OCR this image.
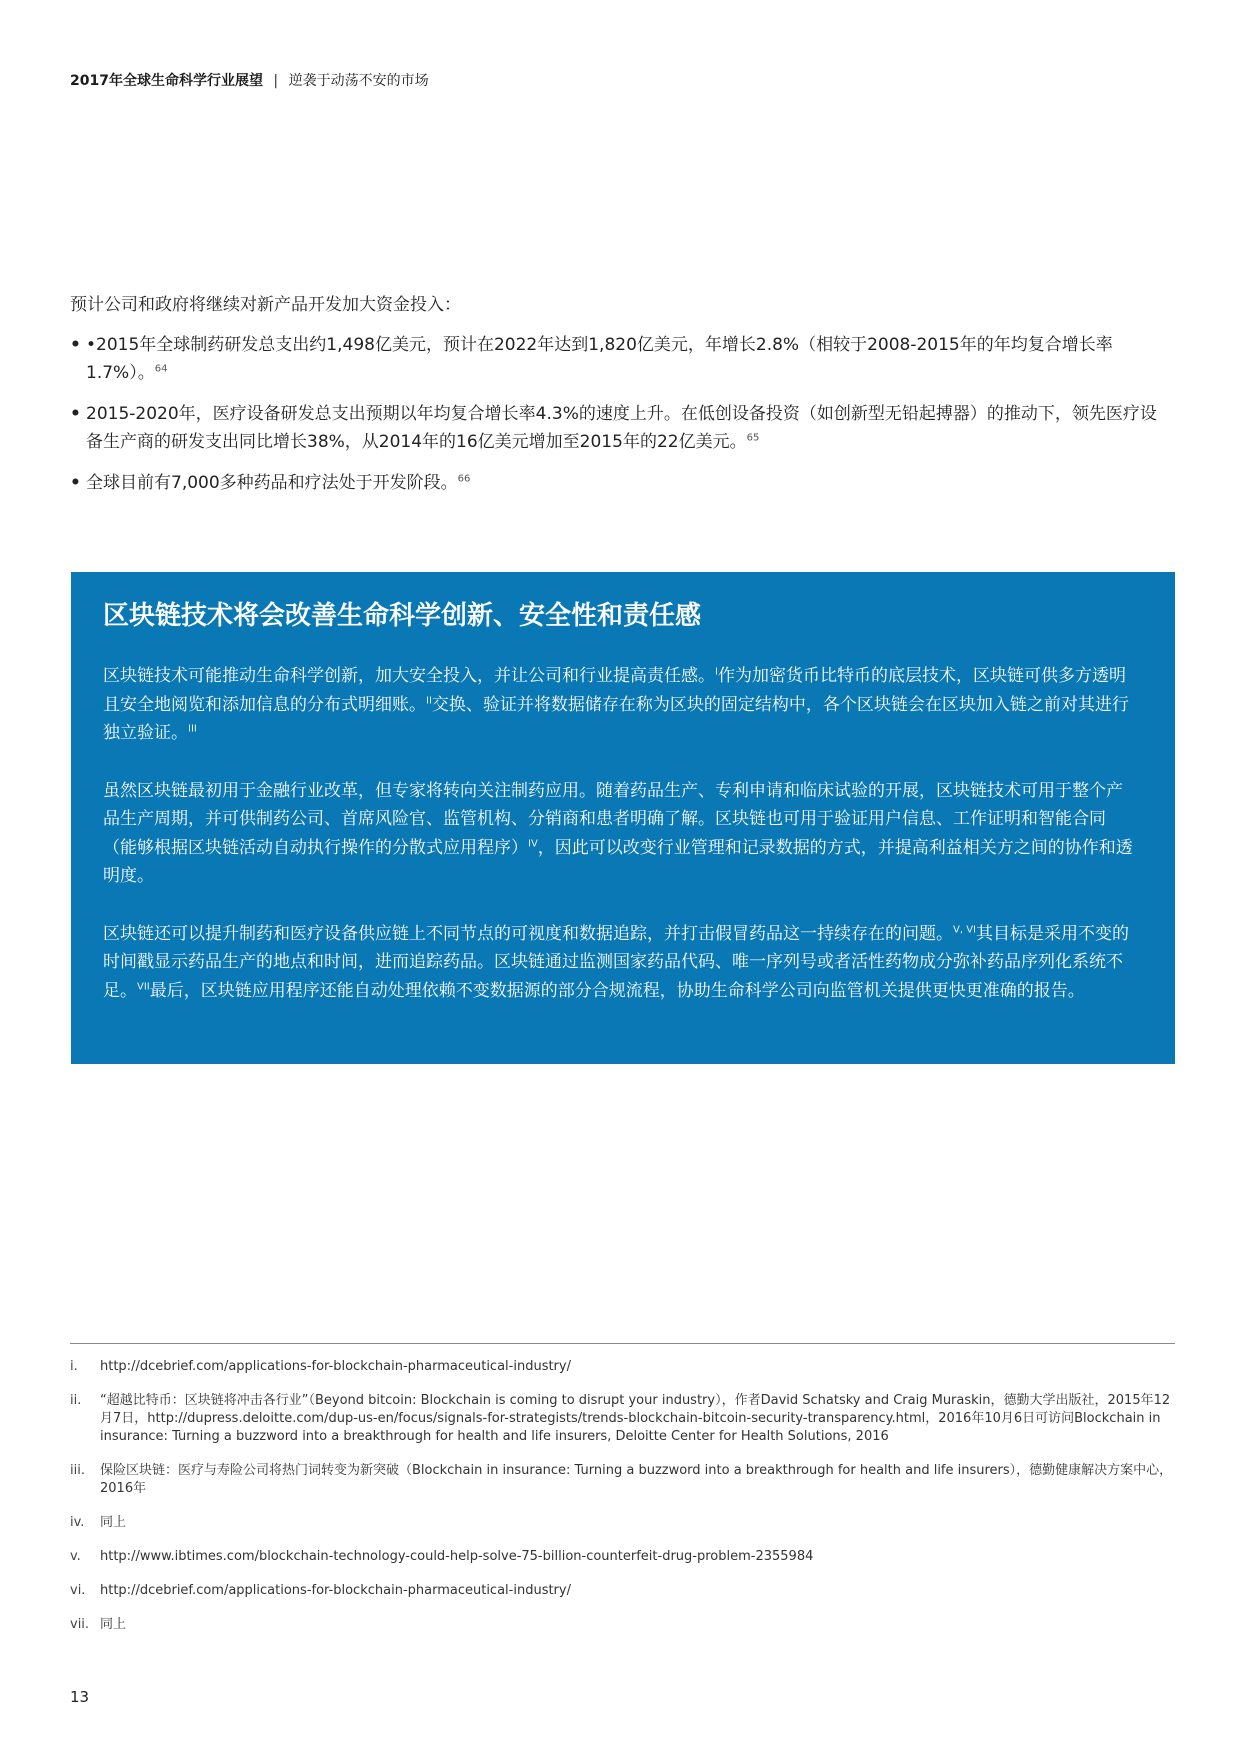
2017年全球生命科学行业展望 | 逆袭于动荡不安的市场
预计公司和政府将继续对新产品开发加大资金投入：
• •2015年全球制药研发总支出约1,498亿美元，预计在2022年达到1,820亿美元，年增长2.8%（相较于2008-2015年的年均复合增长率1.7%）。$^{64}$
• 2015-2020年，医疗设备研发总支出预期以年均复合增长率4.3%的速度上升。在低创设备投资（如创新型无铅起搏器）的推动下，领先医疗设备生产商的研发支出同比增长38%，从2014年的16亿美元增加至2015年的22亿美元。$^{65}$
• 全球目前有7,000多种药品和疗法处于开发阶段。$^{66}$
区块链技术将会改善生命科学创新、安全性和责任感

区块链技术可能推动生命科学创新，加大安全投入，并让公司和行业提高责任感。$^I$作为加密货币比特币的底层技术，区块链可供多方透明且安全地阅览和添加信息的分布式明细账。$^{II}$交换、验证并将数据储存在称为区块的固定结构中，各个区块链会在区块加入链之前对其进行独立验证。$^{III}$

虽然区块链最初用于金融行业改革，但专家将转向关注制药应用。随着药品生产、专利申请和临床试验的开展，区块链技术可用于整个产品生产周期，并可供制药公司、首席风险官、监管机构、分销商和患者明确了解。区块链也可用于验证用户信息、工作证明和智能合同（能够根据区块链活动自动执行操作的分散式应用程序）$^{IV}$，因此可以改变行业管理和记录数据的方式，并提高利益相关方之间的协作和透明度。

区块链还可以提升制药和医疗设备供应链上不同节点的可视度和数据追踪，并打击假冒药品这一持续存在的问题。$^{V, VI}$其目标是采用不变的时间戳显示药品生产的地点和时间，进而追踪药品。区块链通过监测国家药品代码、唯一序列号或者活性药物成分弥补药品序列化系统不足。$^{VII}$最后，区块链应用程序还能自动处理依赖不变数据源的部分合规流程，协助生命科学公司向监管机关提供更快更准确的报告。

i. http://dcebrief.com/applications-for-blockchain-pharmaceutical-industry/
ii. “超越比特币：区块链将冲击各行业”（Beyond bitcoin: Blockchain is coming to disrupt your industry），作者David Schatsky and Craig Muraskin，德勤大学出版社，2015年12月7日，http://dupress.deloitte.com/dup-us-en/focus/signals-for-strategists/trends-blockchain-bitcoin-security-transparency.html，2016年10月6日可访问Blockchain in insurance: Turning a buzzword into a breakthrough for health and life insurers, Deloitte Center for Health Solutions, 2016
iii. 保险区块链：医疗与寿险公司将热门词转变为新突破（Blockchain in insurance: Turning a buzzword into a breakthrough for health and life insurers），德勤健康解决方案中心，2016年
iv. 同上
v. http://www.ibtimes.com/blockchain-technology-could-help-solve-75-billion-counterfeit-drug-problem-2355984
vi. http://dcebrief.com/applications-for-blockchain-pharmaceutical-industry/
vii. 同上
13
